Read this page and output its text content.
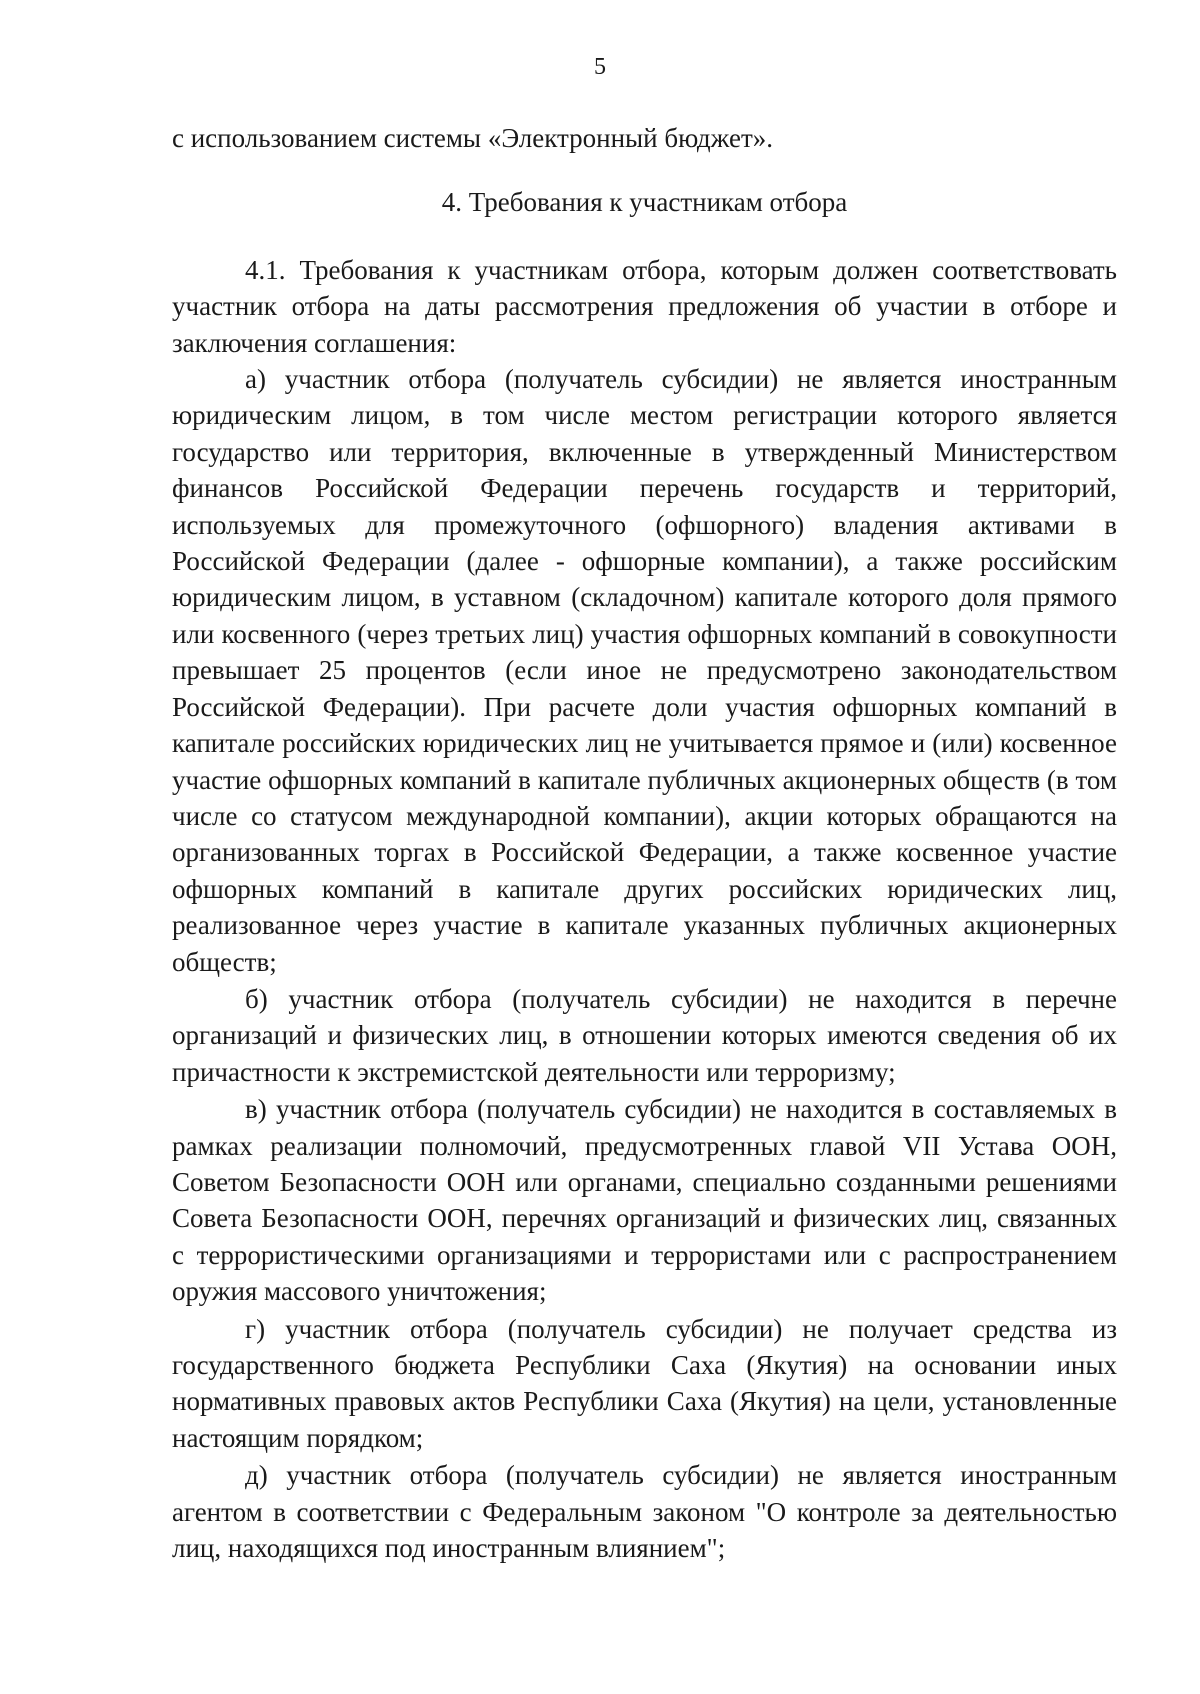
5

с использованием системы «Электронный бюджет».

4. Требования к участникам отбора

4.1. Требования к участникам отбора, которым должен соответствовать участник отбора на даты рассмотрения предложения об участии в отборе и заключения соглашения:

а) участник отбора (получатель субсидии) не является иностранным юридическим лицом, в том числе местом регистрации которого является государство или территория, включенные в утвержденный Министерством финансов Российской Федерации перечень государств и территорий, используемых для промежуточного (офшорного) владения активами в Российской Федерации (далее - офшорные компании), а также российским юридическим лицом, в уставном (складочном) капитале которого доля прямого или косвенного (через третьих лиц) участия офшорных компаний в совокупности превышает 25 процентов (если иное не предусмотрено законодательством Российской Федерации). При расчете доли участия офшорных компаний в капитале российских юридических лиц не учитывается прямое и (или) косвенное участие офшорных компаний в капитале публичных акционерных обществ (в том числе со статусом международной компании), акции которых обращаются на организованных торгах в Российской Федерации, а также косвенное участие офшорных компаний в капитале других российских юридических лиц, реализованное через участие в капитале указанных публичных акционерных обществ;

б) участник отбора (получатель субсидии) не находится в перечне организаций и физических лиц, в отношении которых имеются сведения об их причастности к экстремистской деятельности или терроризму;

в) участник отбора (получатель субсидии) не находится в составляемых в рамках реализации полномочий, предусмотренных главой VII Устава ООН, Советом Безопасности ООН или органами, специально созданными решениями Совета Безопасности ООН, перечнях организаций и физических лиц, связанных с террористическими организациями и террористами или с распространением оружия массового уничтожения;

г) участник отбора (получатель субсидии) не получает средства из государственного бюджета Республики Саха (Якутия) на основании иных нормативных правовых актов Республики Саха (Якутия) на цели, установленные настоящим порядком;

д) участник отбора (получатель субсидии) не является иностранным агентом в соответствии с Федеральным законом "О контроле за деятельностью лиц, находящихся под иностранным влиянием";
